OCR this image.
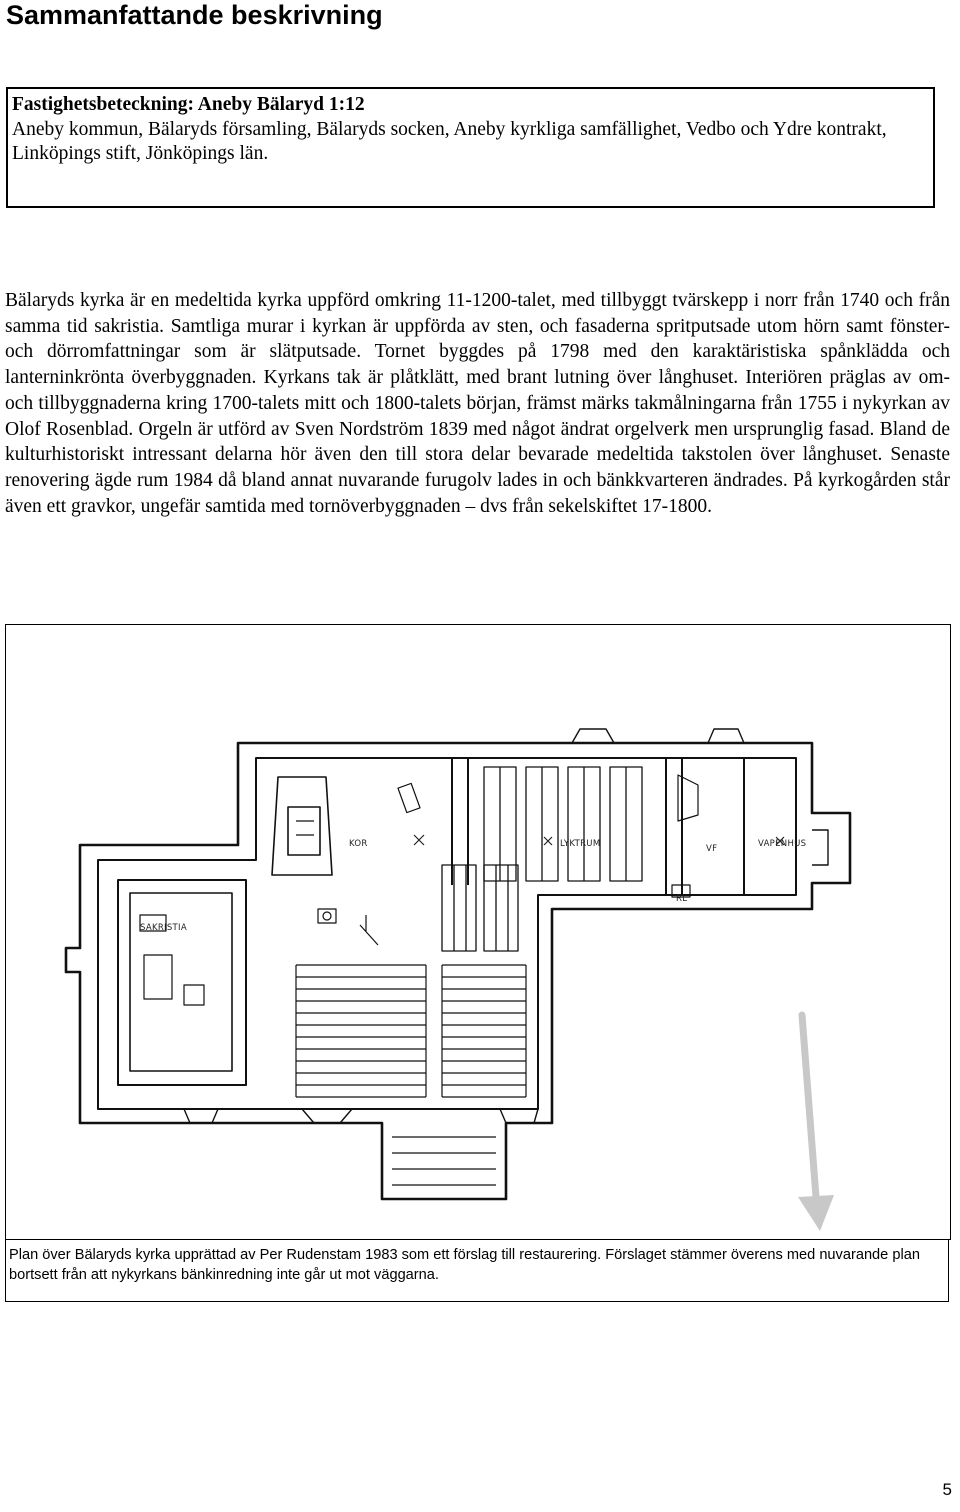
Sammanfattande beskrivning
Fastighetsbeteckning: Aneby Bälaryd 1:12
Aneby kommun, Bälaryds församling, Bälaryds socken, Aneby kyrkliga samfällighet, Vedbo och Ydre kontrakt, Linköpings stift, Jönköpings län.

Bälaryds kyrka är en medeltida kyrka uppförd omkring 11-1200-talet, med tillbyggt tvärskepp i norr från 1740 och från samma tid sakristia. Samtliga murar i kyrkan är uppförda av sten, och fasaderna spritputsade utom hörn samt fönster- och dörromfattningar som är slätputsade. Tornet byggdes på 1798 med den karaktäristiska spånklädda och lanterninkrönta överbyggnaden. Kyrkans tak är plåtklätt, med brant lutning över långhuset. Interiören präglas av om- och tillbyggnaderna kring 1700-talets mitt och 1800-talets början, främst märks takmålningarna från 1755 i nykyrkan av Olof Rosenblad. Orgeln är utförd av Sven Nordström 1839 med något ändrat orgelverk men ursprunglig fasad. Bland de kulturhistoriskt intressant delarna hör även den till stora delar bevarade medeltida takstolen över långhuset. Senaste renovering ägde rum 1984 då bland annat nuvarande furugolv lades in och bänkkvarteren ändrades. På kyrkogården står även ett gravkor, ungefär samtida med tornöverbyggnaden – dvs från sekelskiftet 17-1800.

SAKRISTIA
KOR	LYKTRUM	VF	VAPENHUS
RL
Plan över Bälaryds kyrka upprättad av Per Rudenstam 1983 som ett förslag till restaurering. Förslaget stämmer överens med nuvarande plan bortsett från att nykyrkans bänkinredning inte går ut mot väggarna.
5
